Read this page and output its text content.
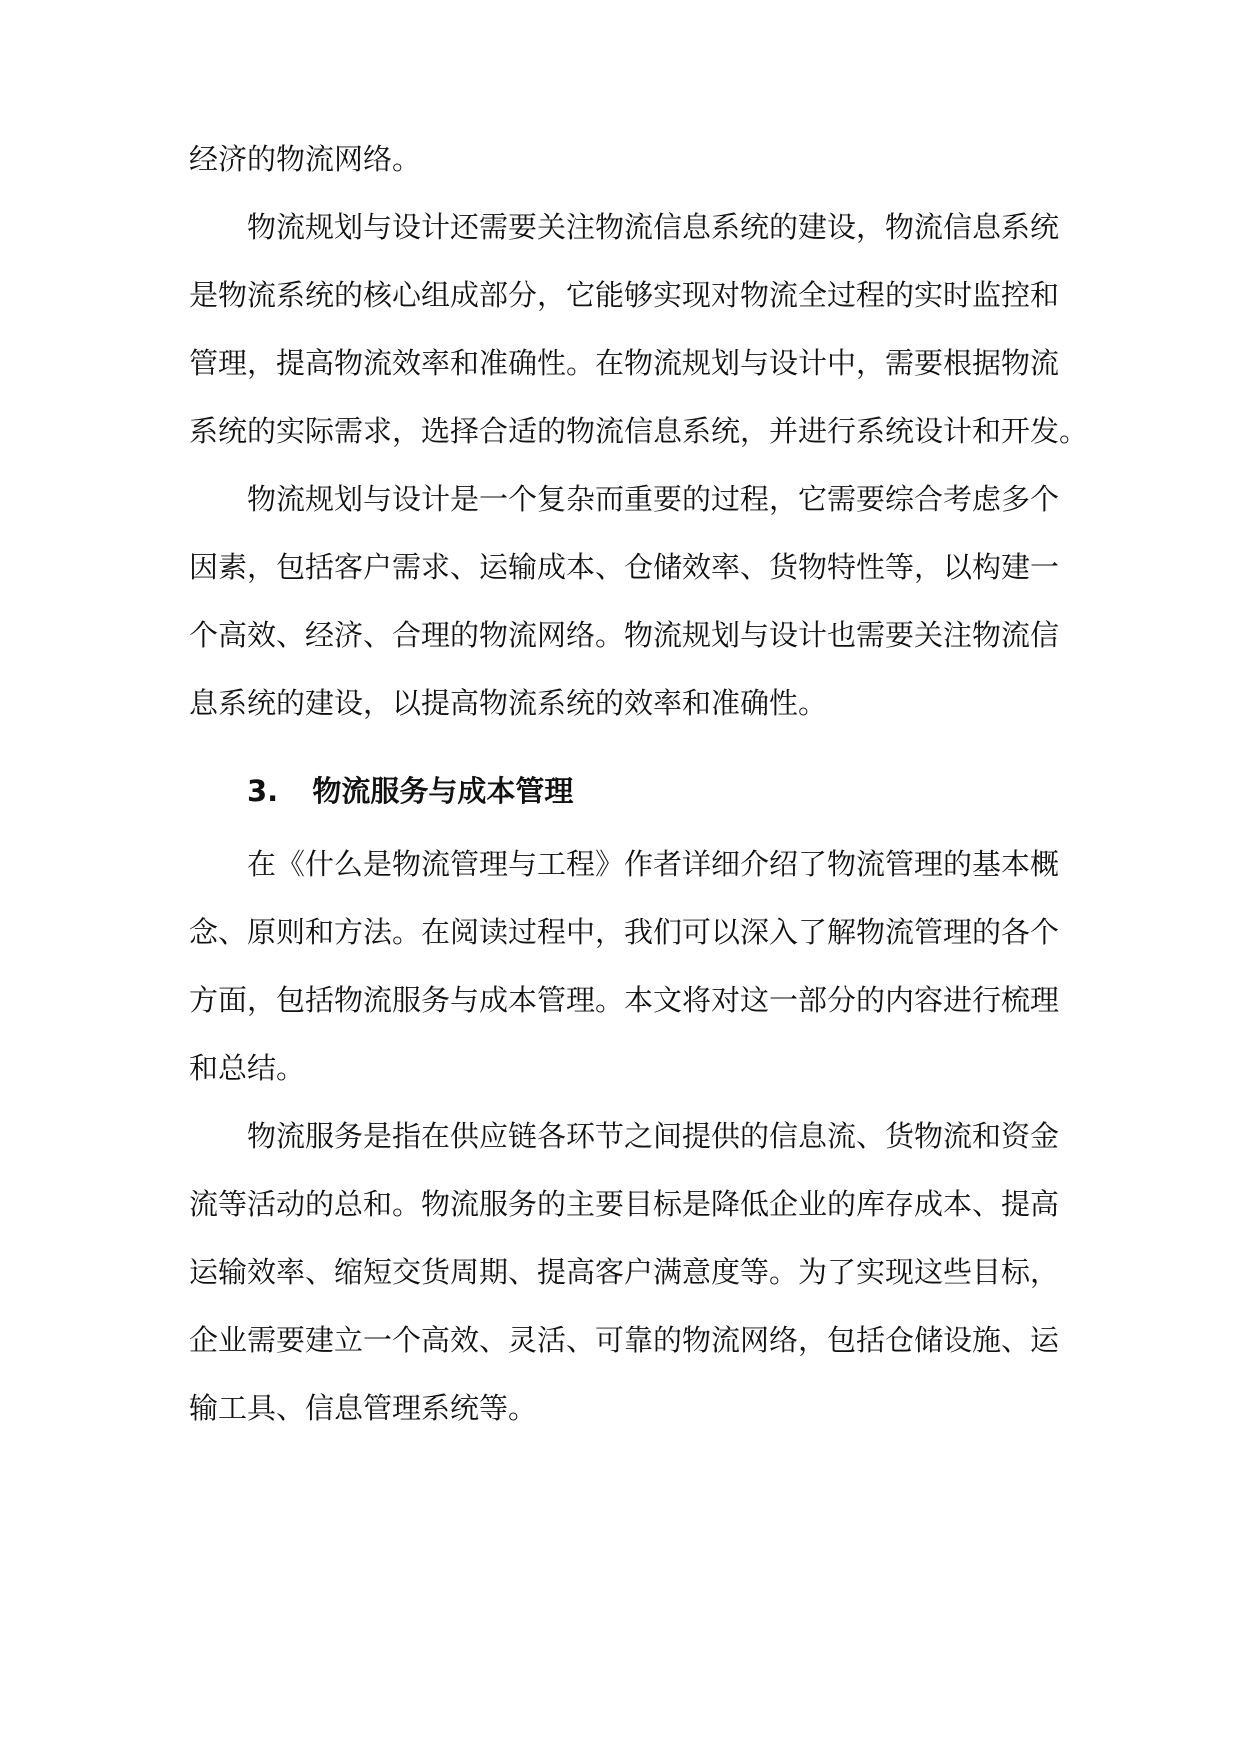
经济的物流网络。
物流规划与设计还需要关注物流信息系统的建设，物流信息系统
是物流系统的核心组成部分，它能够实现对物流全过程的实时监控和
管理，提高物流效率和准确性。在物流规划与设计中，需要根据物流
系统的实际需求，选择合适的物流信息系统，并进行系统设计和开发。
物流规划与设计是一个复杂而重要的过程，它需要综合考虑多个
因素，包括客户需求、运输成本、仓储效率、货物特性等，以构建一
个高效、经济、合理的物流网络。物流规划与设计也需要关注物流信
息系统的建设，以提高物流系统的效率和准确性。
3. 物流服务与成本管理
在《什么是物流管理与工程》作者详细介绍了物流管理的基本概
念、原则和方法。在阅读过程中，我们可以深入了解物流管理的各个
方面，包括物流服务与成本管理。本文将对这一部分的内容进行梳理
和总结。
物流服务是指在供应链各环节之间提供的信息流、货物流和资金
流等活动的总和。物流服务的主要目标是降低企业的库存成本、提高
运输效率、缩短交货周期、提高客户满意度等。为了实现这些目标，
企业需要建立一个高效、灵活、可靠的物流网络，包括仓储设施、运
输工具、信息管理系统等。
